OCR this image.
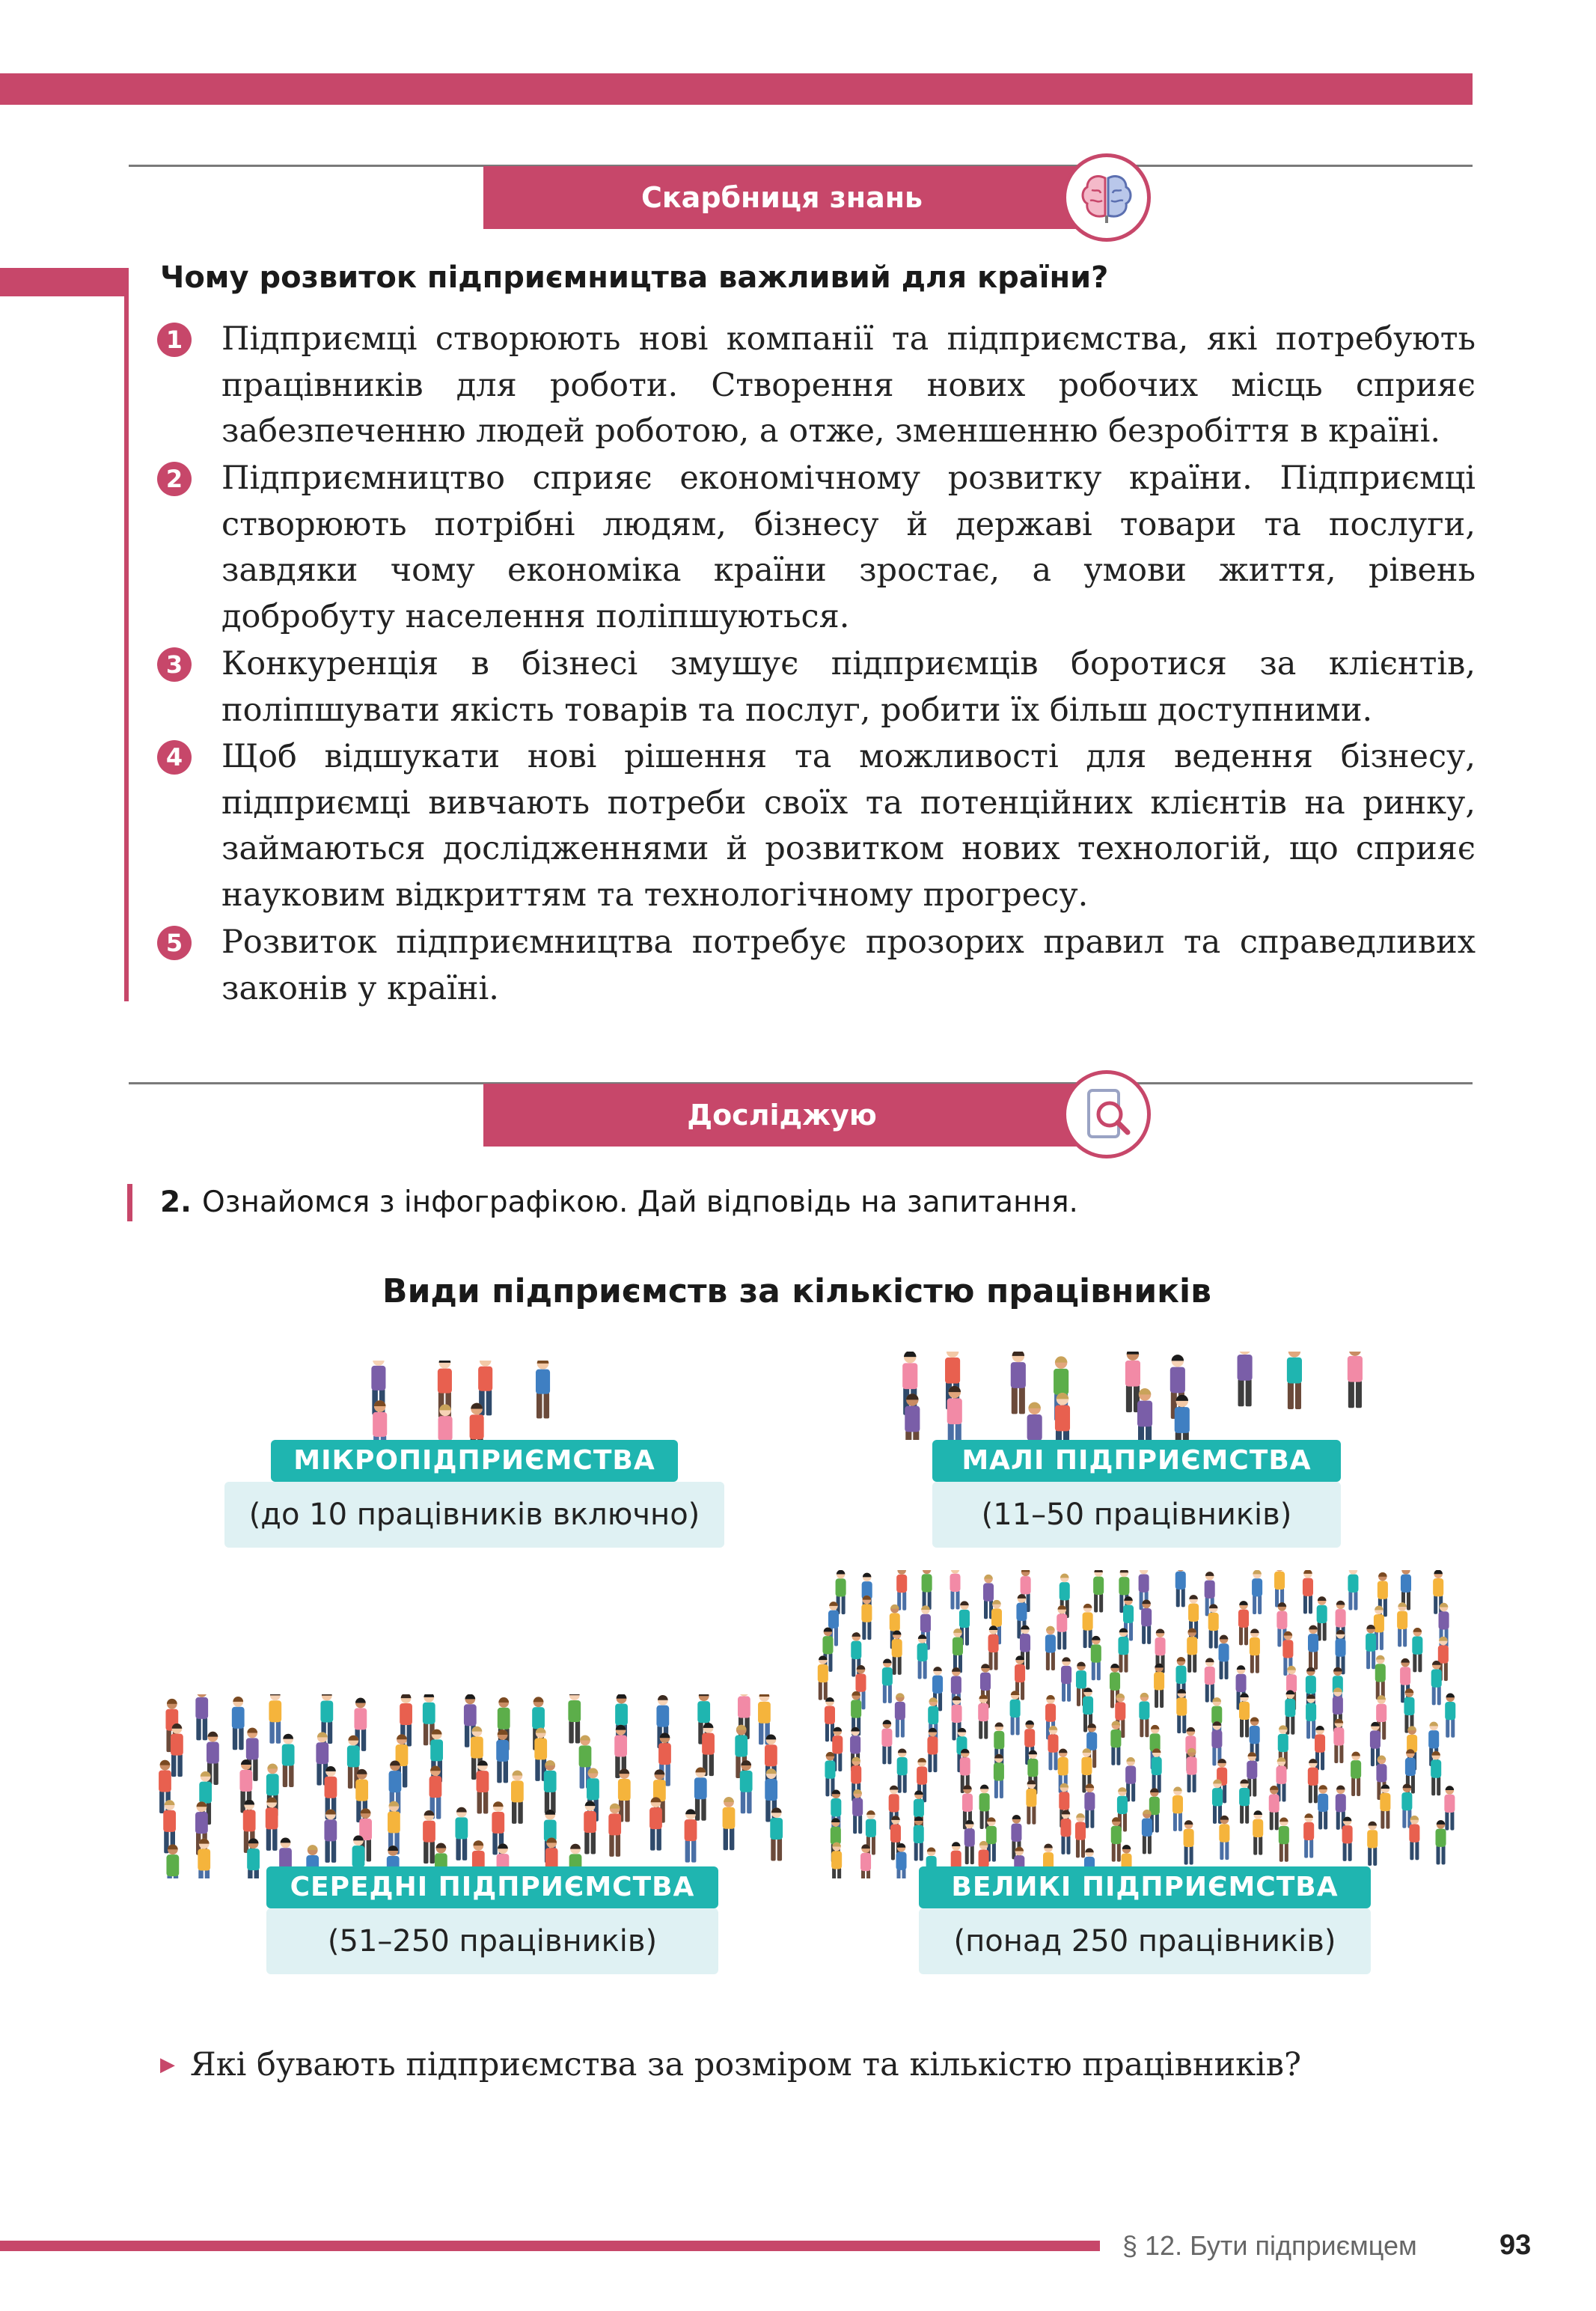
Скарбниця знань
Чому розвиток підприємництва важливий для країни?
1 Підприємці створюють нові компанії та підприємства, які потребують працівників для роботи. Створення нових робочих місць сприяє забезпеченню людей роботою, а отже, зменшенню безробіття в країні.
2 Підприємництво сприяє економічному розвитку країни. Підприємці створюють потрібні людям, бізнесу й державі товари та послуги, завдяки чому економіка країни зростає, а умови життя, рівень добробуту населення поліпшуються.
3 Конкуренція в бізнесі змушує підприємців боротися за клієнтів, поліпшувати якість товарів та послуг, робити їх більш доступними.
4 Щоб відшукати нові рішення та можливості для ведення бізнесу, підприємці вивчають потреби своїх та потенційних клієнтів на ринку, займаються дослідженнями й розвитком нових технологій, що сприяє науковим відкриттям та технологічному прогресу.
5 Розвиток підприємництва потребує прозорих правил та справедливих законів у країні.
Досліджую
2. Ознайомся з інфографікою. Дай відповідь на запитання.
Види підприємств за кількістю працівників
МІКРОПІДПРИЄМСТВА
(до 10 працівників включно)
МАЛІ ПІДПРИЄМСТВА
(11–50 працівників)
СЕРЕДНІ ПІДПРИЄМСТВА
(51–250 працівників)
ВЕЛИКІ ПІДПРИЄМСТВА
(понад 250 працівників)
▶ Які бувають підприємства за розміром та кількістю працівників?
§ 12. Бути підприємцем	93
